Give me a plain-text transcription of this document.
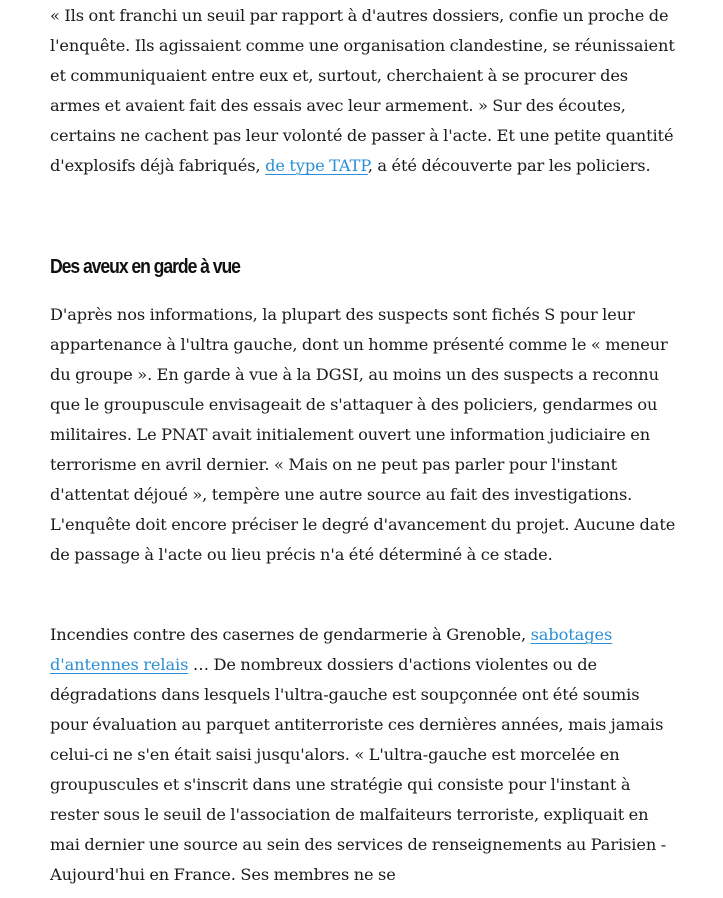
« Ils ont franchi un seuil par rapport à d'autres dossiers, confie un proche de l'enquête. Ils agissaient comme une organisation clandestine, se réunissaient et communiquaient entre eux et, surtout, cherchaient à se procurer des armes et avaient fait des essais avec leur armement. » Sur des écoutes, certains ne cachent pas leur volonté de passer à l'acte. Et une petite quantité d'explosifs déjà fabriqués, de type TATP, a été découverte par les policiers.

Des aveux en garde à vue

D'après nos informations, la plupart des suspects sont fichés S pour leur appartenance à l'ultra gauche, dont un homme présenté comme le « meneur du groupe ». En garde à vue à la DGSI, au moins un des suspects a reconnu que le groupuscule envisageait de s'attaquer à des policiers, gendarmes ou militaires. Le PNAT avait initialement ouvert une information judiciaire en terrorisme en avril dernier. « Mais on ne peut pas parler pour l'instant d'attentat déjoué », tempère une autre source au fait des investigations. L'enquête doit encore préciser le degré d'avancement du projet. Aucune date de passage à l'acte ou lieu précis n'a été déterminé à ce stade.

Incendies contre des casernes de gendarmerie à Grenoble, sabotages d'antennes relais … De nombreux dossiers d'actions violentes ou de dégradations dans lesquels l'ultra-gauche est soupçonnée ont été soumis pour évaluation au parquet antiterroriste ces dernières années, mais jamais celui-ci ne s'en était saisi jusqu'alors. « L'ultra-gauche est morcelée en groupuscules et s'inscrit dans une stratégie qui consiste pour l'instant à rester sous le seuil de l'association de malfaiteurs terroriste, expliquait en mai dernier une source au sein des services de renseignements au Parisien - Aujourd'hui en France. Ses membres ne se
